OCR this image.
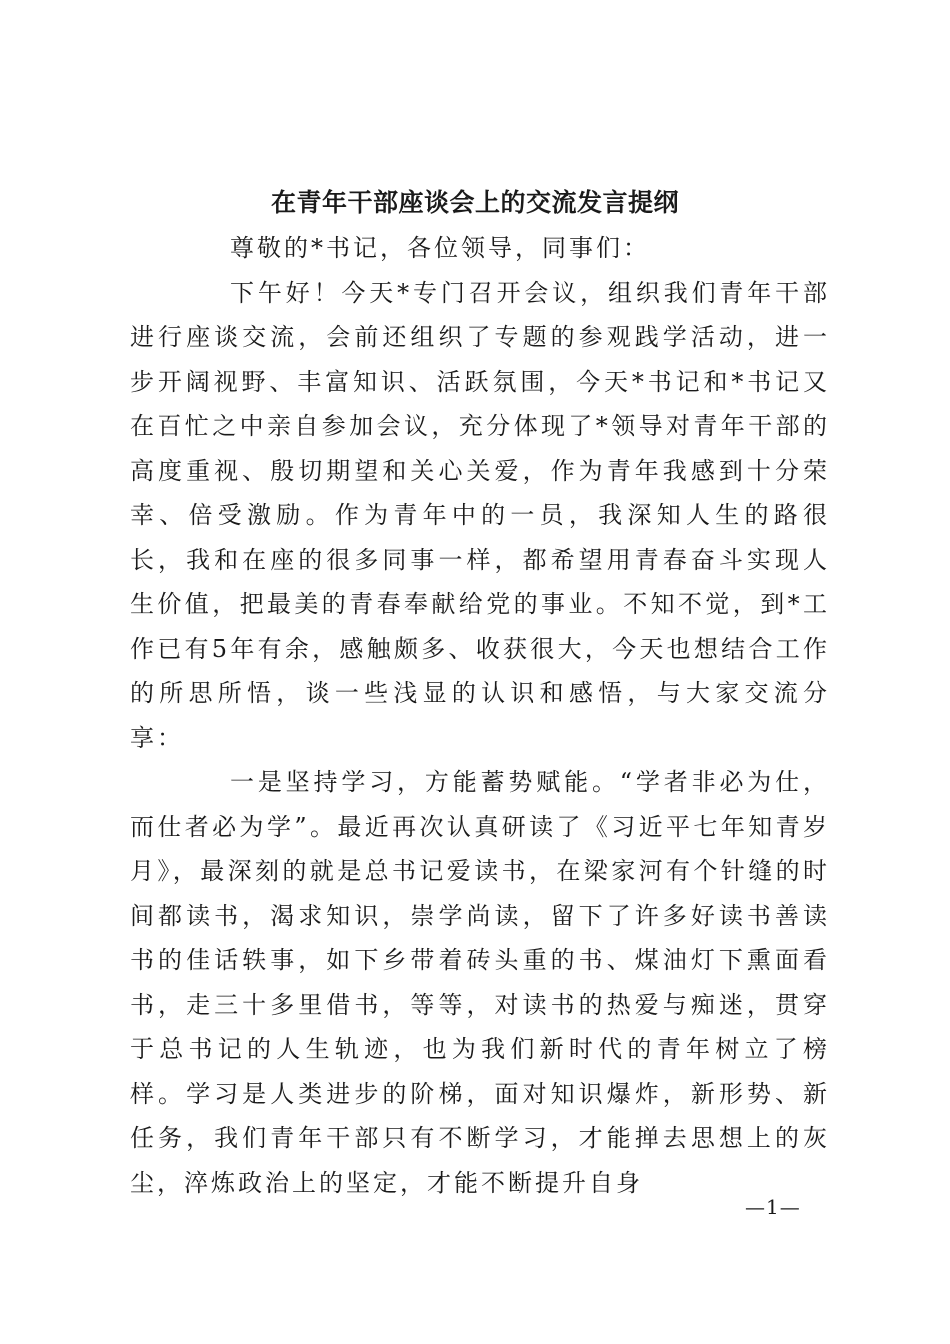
在青年干部座谈会上的交流发言提纲

尊敬的*书记，各位领导，同事们：

下午好！今天*专门召开会议，组织我们青年干部进行座谈交流，会前还组织了专题的参观践学活动，进一步开阔视野、丰富知识、活跃氛围，今天*书记和*书记又在百忙之中亲自参加会议，充分体现了*领导对青年干部的高度重视、殷切期望和关心关爱，作为青年我感到十分荣幸、倍受激励。作为青年中的一员，我深知人生的路很长，我和在座的很多同事一样，都希望用青春奋斗实现人生价值，把最美的青春奉献给党的事业。不知不觉，到*工作已有5年有余，感触颇多、收获很大，今天也想结合工作的所思所悟，谈一些浅显的认识和感悟，与大家交流分享：

一是坚持学习，方能蓄势赋能。“学者非必为仕，而仕者必为学”。最近再次认真研读了《习近平七年知青岁月》，最深刻的就是总书记爱读书，在梁家河有个针缝的时间都读书，渴求知识，崇学尚读，留下了许多好读书善读书的佳话轶事，如下乡带着砖头重的书、煤油灯下熏面看书，走三十多里借书，等等，对读书的热爱与痴迷，贯穿于总书记的人生轨迹，也为我们新时代的青年树立了榜样。学习是人类进步的阶梯，面对知识爆炸，新形势、新任务，我们青年干部只有不断学习，才能掸去思想上的灰尘，淬炼政治上的坚定，才能不断提升自身

—1—
